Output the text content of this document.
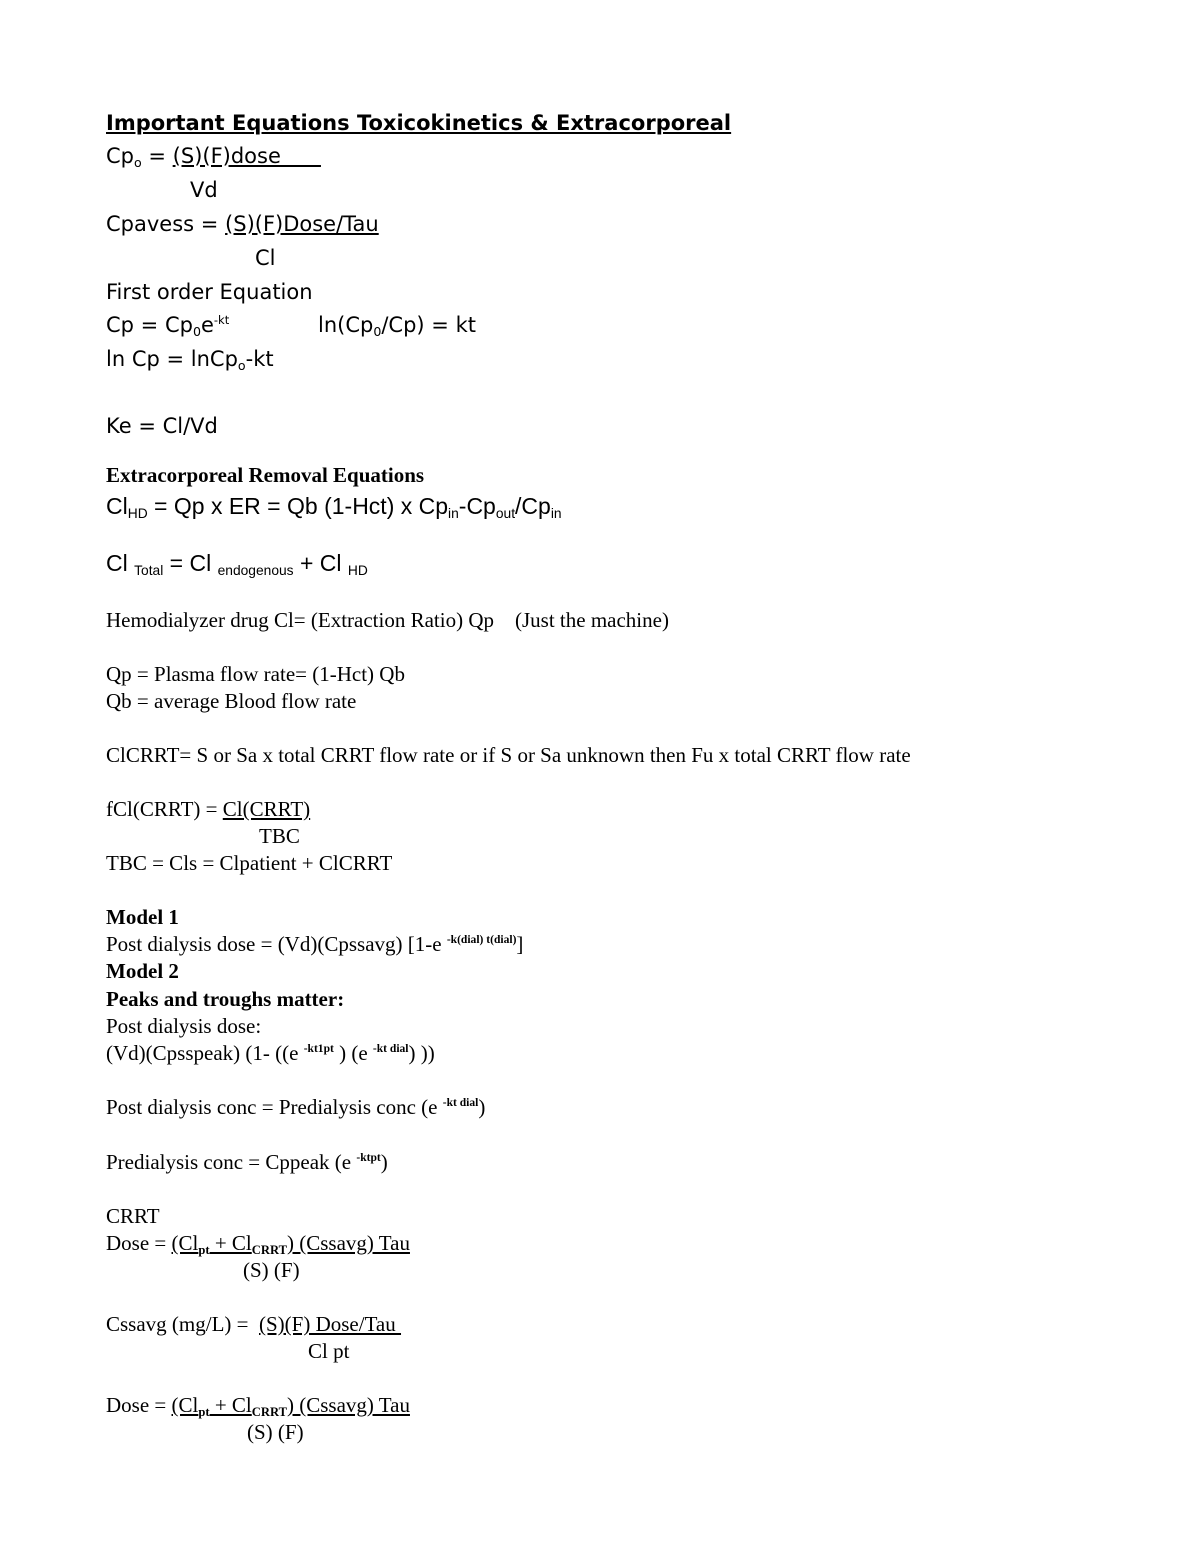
Important Equations Toxicokinetics & Extracorporeal
$Cp_o$ = (S)(F)dose
Vd
Cpavess = (S)(F)Dose/Tau
Cl
First order Equation
$Cp = Cp_0e^{-kt}$	$\ln(Cp_0/Cp)$ = kt
ln Cp = lnCp$_o$-kt
Ke = Cl/Vd
Extracorporeal Removal Equations
$Cl_{HD} = Qp$ x ER = Qb (1-Hct) x $Cp_{in}-Cp_{out}/Cp_{in}$
Cl $_{Total}$ = Cl $_{endogenous}$ + Cl $_{HD}$
Hemodialyzer drug Cl= (Extraction Ratio) Qp    (Just the machine)
Qp = Plasma flow rate= (1-Hct) Qb
Qb = average Blood flow rate
ClCRRT= S or Sa x total CRRT flow rate or if S or Sa unknown then Fu x total CRRT flow rate
fCl(CRRT) = Cl(CRRT)
TBC
TBC = Cls = Clpatient + ClCRRT
Model 1
Post dialysis dose = (Vd)(Cpssavg) [1-e $^{-k(dial) t(dial)}$]
Model 2
Peaks and troughs matter:
Post dialysis dose:
(Vd)(Cpsspeak) (1- ((e $^{-kt1pt}$ ) (e $^{-kt dial}$) ))
Post dialysis conc = Predialysis conc (e $^{-kt dial}$)
Predialysis conc = Cppeak (e $^{-ktpt}$)
CRRT
Dose = $(Cl_{pt} + Cl_{CRRT})$ (Cssavg) Tau
(S) (F)
Cssavg (mg/L) =  (S)(F) Dose/Tau
Cl pt
Dose = $(Cl_{pt} + Cl_{CRRT})$ (Cssavg) Tau
(S) (F)
